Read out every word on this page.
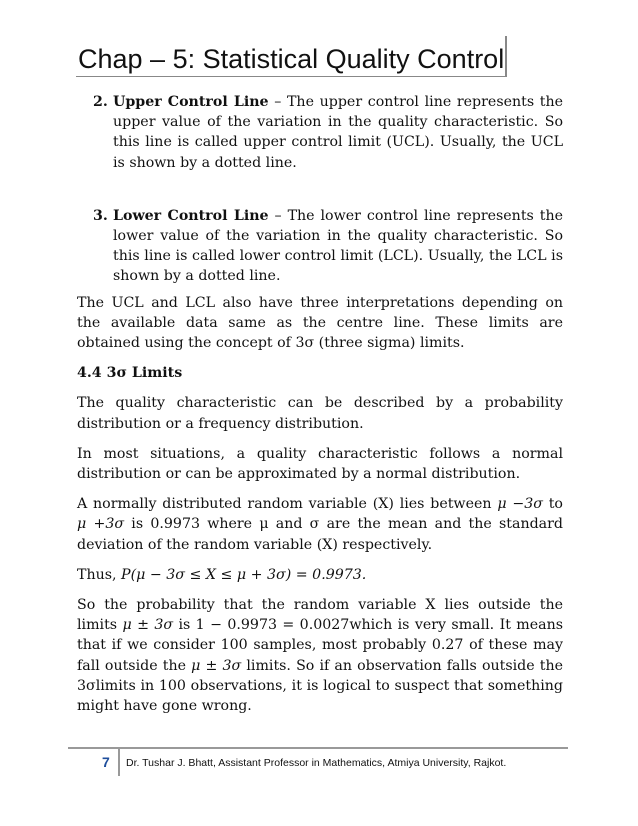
Chap – 5: Statistical Quality Control
2. Upper Control Line – The upper control line represents the upper value of the variation in the quality characteristic. So this line is called upper control limit (UCL). Usually, the UCL is shown by a dotted line.
3. Lower Control Line – The lower control line represents the lower value of the variation in the quality characteristic. So this line is called lower control limit (LCL). Usually, the LCL is shown by a dotted line.

The UCL and LCL also have three interpretations depending on the available data same as the centre line. These limits are obtained using the concept of 3σ (three sigma) limits.

4.4 3σ Limits

The quality characteristic can be described by a probability distribution or a frequency distribution.

In most situations, a quality characteristic follows a normal distribution or can be approximated by a normal distribution.

A normally distributed random variable (X) lies between μ −3σ to μ +3σ is 0.9973 where μ and σ are the mean and the standard deviation of the random variable (X) respectively.

Thus, P(μ − 3σ ≤ X ≤ μ + 3σ) = 0.9973.

So the probability that the random variable X lies outside the limits μ ± 3σ is 1 − 0.9973 = 0.0027which is very small. It means that if we consider 100 samples, most probably 0.27 of these may fall outside the μ ± 3σ limits. So if an observation falls outside the 3σlimits in 100 observations, it is logical to suspect that something might have gone wrong.

7	Dr. Tushar J. Bhatt, Assistant Professor in Mathematics, Atmiya University, Rajkot.
